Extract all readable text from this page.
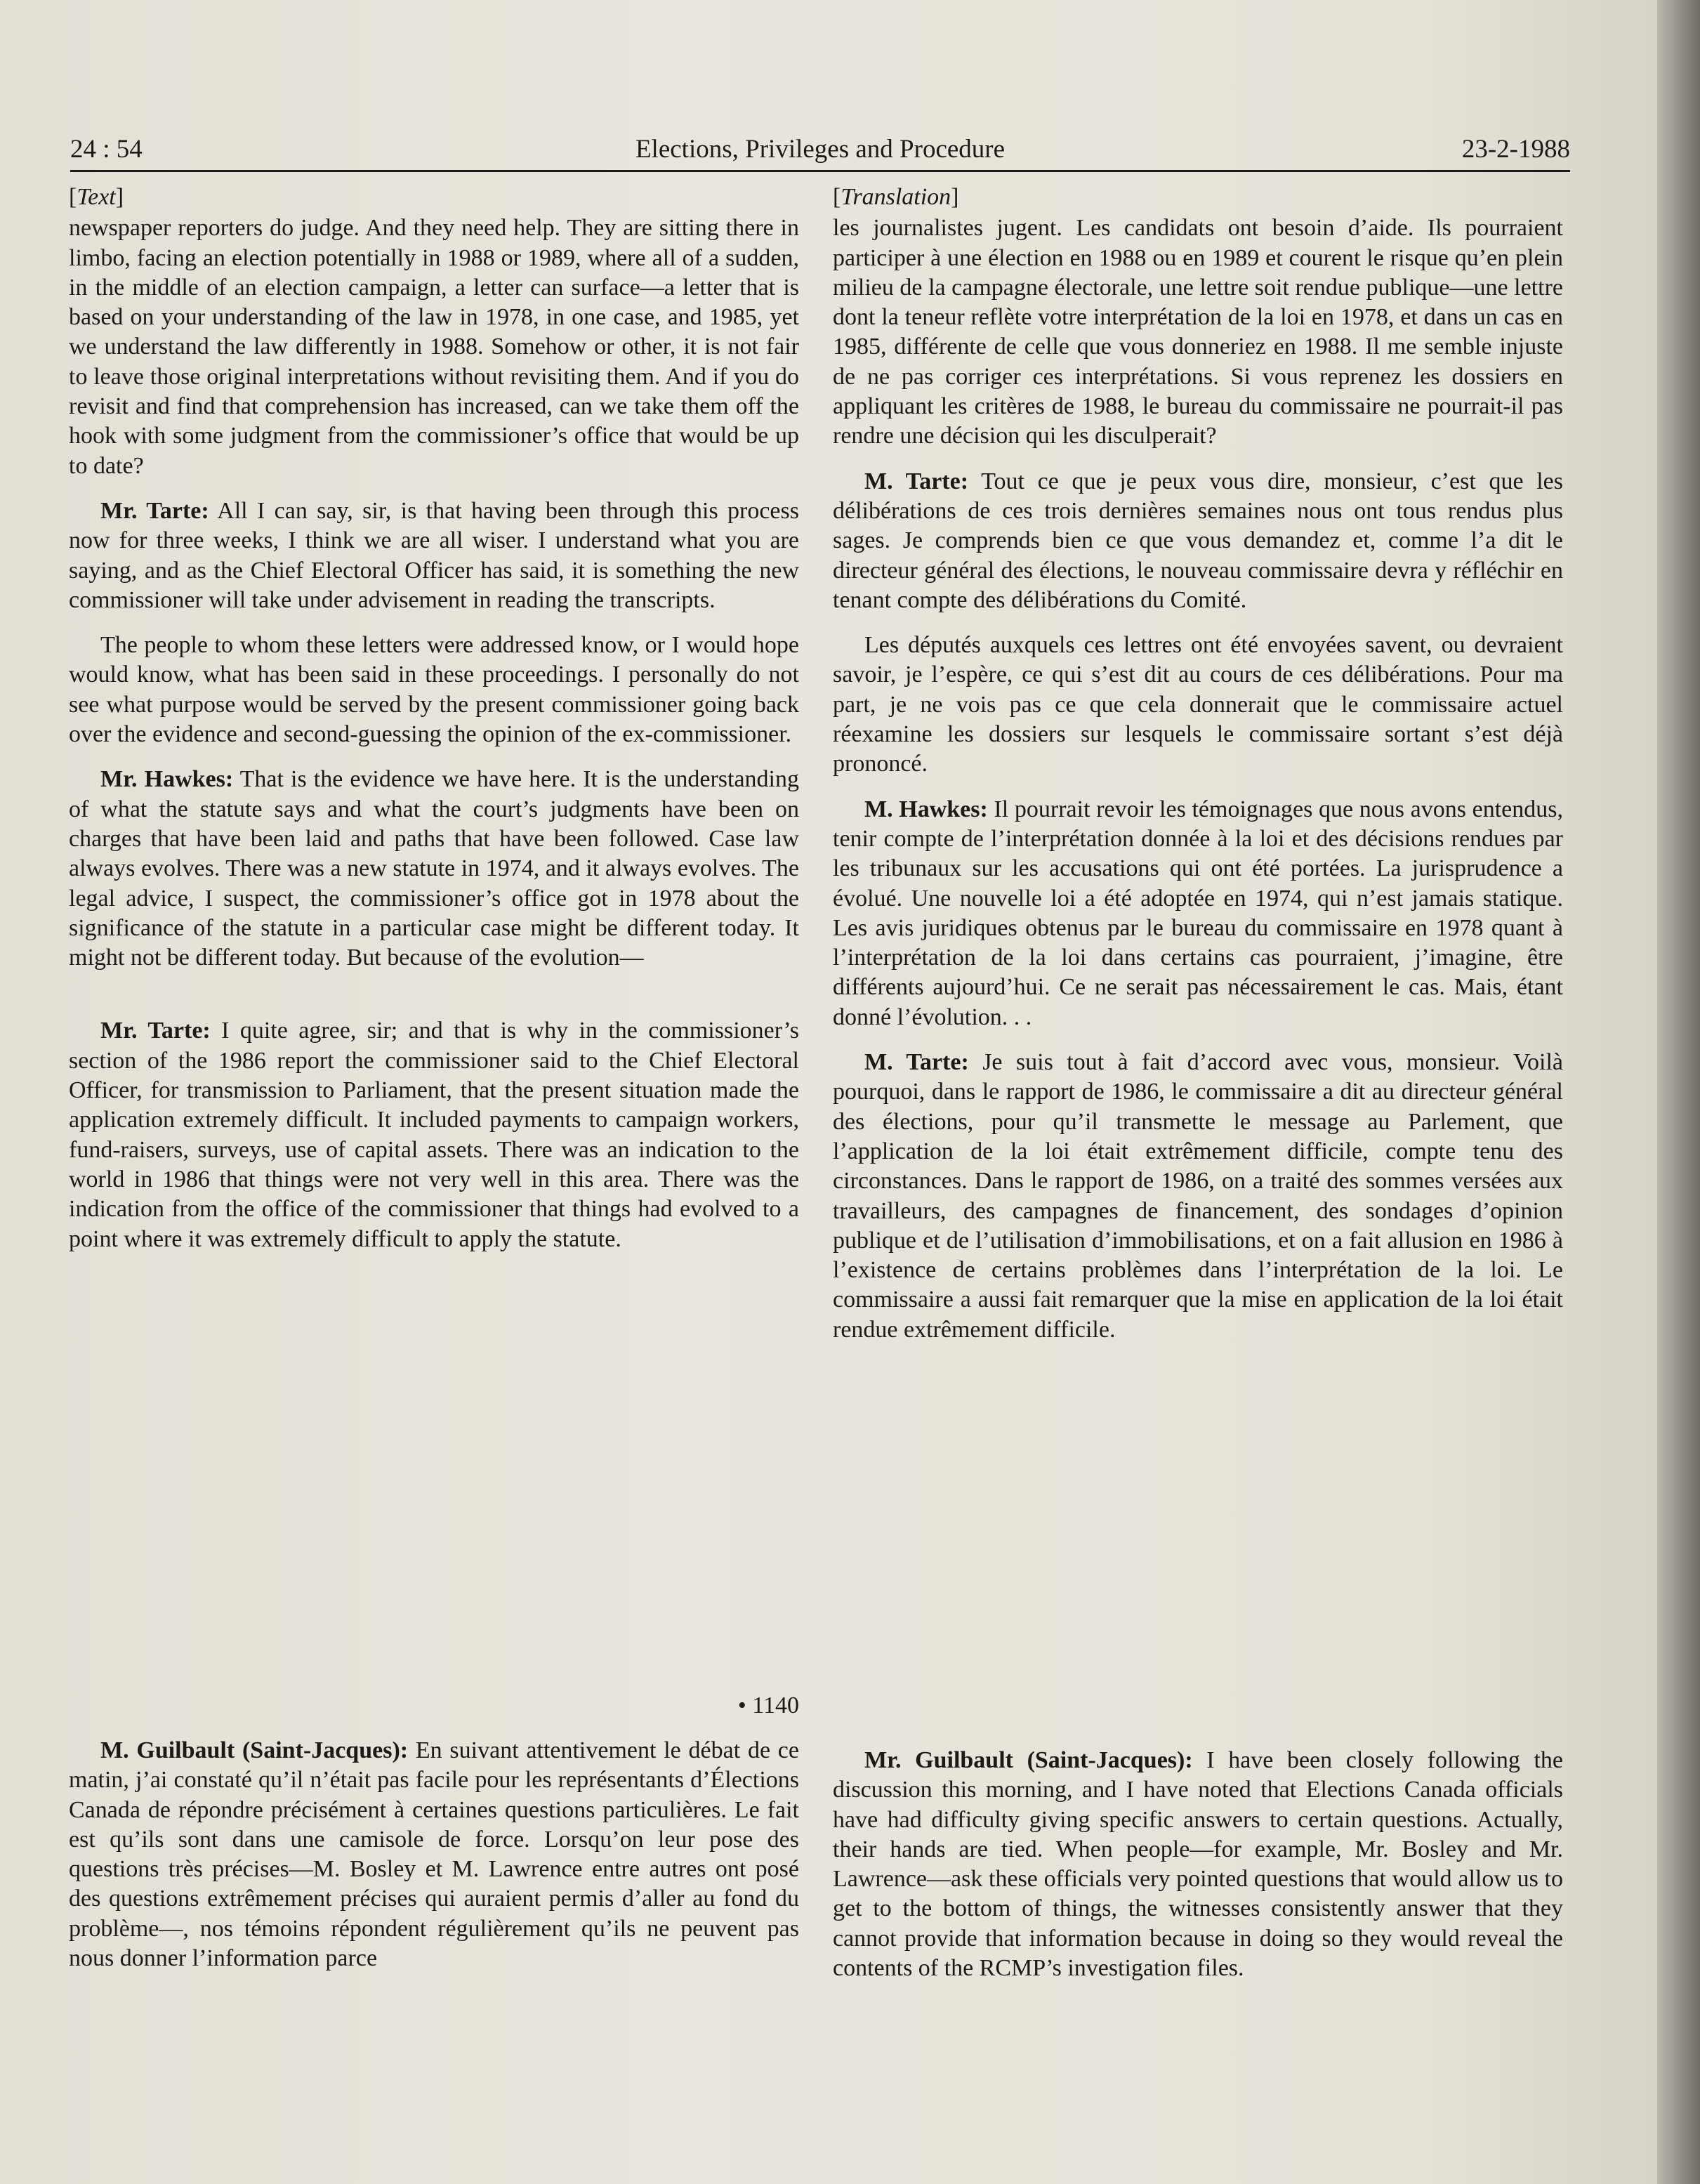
24 : 54	Elections, Privileges and Procedure	23-2-1988
[Text]

newspaper reporters do judge. And they need help. They are sitting there in limbo, facing an election potentially in 1988 or 1989, where all of a sudden, in the middle of an election campaign, a letter can surface—a letter that is based on your understanding of the law in 1978, in one case, and 1985, yet we understand the law differently in 1988. Somehow or other, it is not fair to leave those original interpretations without revisiting them. And if you do revisit and find that comprehension has increased, can we take them off the hook with some judgment from the commissioner’s office that would be up to date?

Mr. Tarte: All I can say, sir, is that having been through this process now for three weeks, I think we are all wiser. I understand what you are saying, and as the Chief Electoral Officer has said, it is something the new commissioner will take under advisement in reading the transcripts.

The people to whom these letters were addressed know, or I would hope would know, what has been said in these proceedings. I personally do not see what purpose would be served by the present commissioner going back over the evidence and second-guessing the opinion of the ex-commissioner.

Mr. Hawkes: That is the evidence we have here. It is the understanding of what the statute says and what the court’s judgments have been on charges that have been laid and paths that have been followed. Case law always evolves. There was a new statute in 1974, and it always evolves. The legal advice, I suspect, the commissioner’s office got in 1978 about the significance of the statute in a particular case might be different today. It might not be different today. But because of the evolution—

Mr. Tarte: I quite agree, sir; and that is why in the commissioner’s section of the 1986 report the commissioner said to the Chief Electoral Officer, for transmission to Parliament, that the present situation made the application extremely difficult. It included payments to campaign workers, fund-raisers, surveys, use of capital assets. There was an indication to the world in 1986 that things were not very well in this area. There was the indication from the office of the commissioner that things had evolved to a point where it was extremely difficult to apply the statute.

[Translation]

les journalistes jugent. Les candidats ont besoin d’aide. Ils pourraient participer à une élection en 1988 ou en 1989 et courent le risque qu’en plein milieu de la campagne électorale, une lettre soit rendue publique—une lettre dont la teneur reflète votre interprétation de la loi en 1978, et dans un cas en 1985, différente de celle que vous donneriez en 1988. Il me semble injuste de ne pas corriger ces interprétations. Si vous reprenez les dossiers en appliquant les critères de 1988, le bureau du commissaire ne pourrait-il pas rendre une décision qui les disculperait?

M. Tarte: Tout ce que je peux vous dire, monsieur, c’est que les délibérations de ces trois dernières semaines nous ont tous rendus plus sages. Je comprends bien ce que vous demandez et, comme l’a dit le directeur général des élections, le nouveau commissaire devra y réfléchir en tenant compte des délibérations du Comité.

Les députés auxquels ces lettres ont été envoyées savent, ou devraient savoir, je l’espère, ce qui s’est dit au cours de ces délibérations. Pour ma part, je ne vois pas ce que cela donnerait que le commissaire actuel réexamine les dossiers sur lesquels le commissaire sortant s’est déjà prononcé.

M. Hawkes: Il pourrait revoir les témoignages que nous avons entendus, tenir compte de l’interprétation donnée à la loi et des décisions rendues par les tribunaux sur les accusations qui ont été portées. La jurisprudence a évolué. Une nouvelle loi a été adoptée en 1974, qui n’est jamais statique. Les avis juridiques obtenus par le bureau du commissaire en 1978 quant à l’interprétation de la loi dans certains cas pourraient, j’imagine, être différents aujourd’hui. Ce ne serait pas nécessairement le cas. Mais, étant donné l’évolution. . .

M. Tarte: Je suis tout à fait d’accord avec vous, monsieur. Voilà pourquoi, dans le rapport de 1986, le commissaire a dit au directeur général des élections, pour qu’il transmette le message au Parlement, que l’application de la loi était extrêmement difficile, compte tenu des circonstances. Dans le rapport de 1986, on a traité des sommes versées aux travailleurs, des campagnes de financement, des sondages d’opinion publique et de l’utilisation d’immobilisations, et on a fait allusion en 1986 à l’existence de certains problèmes dans l’interprétation de la loi. Le commissaire a aussi fait remarquer que la mise en application de la loi était rendue extrêmement difficile.

• 1140

M. Guilbault (Saint-Jacques): En suivant attentivement le débat de ce matin, j’ai constaté qu’il n’était pas facile pour les représentants d’Élections Canada de répondre précisément à certaines questions particulières. Le fait est qu’ils sont dans une camisole de force. Lorsqu’on leur pose des questions très précises—M. Bosley et M. Lawrence entre autres ont posé des questions extrêmement précises qui auraient permis d’aller au fond du problème—, nos témoins répondent régulièrement qu’ils ne peuvent pas nous donner l’information parce

Mr. Guilbault (Saint-Jacques): I have been closely following the discussion this morning, and I have noted that Elections Canada officials have had difficulty giving specific answers to certain questions. Actually, their hands are tied. When people—for example, Mr. Bosley and Mr. Lawrence—ask these officials very pointed questions that would allow us to get to the bottom of things, the witnesses consistently answer that they cannot provide that information because in doing so they would reveal the contents of the RCMP’s investigation files.
